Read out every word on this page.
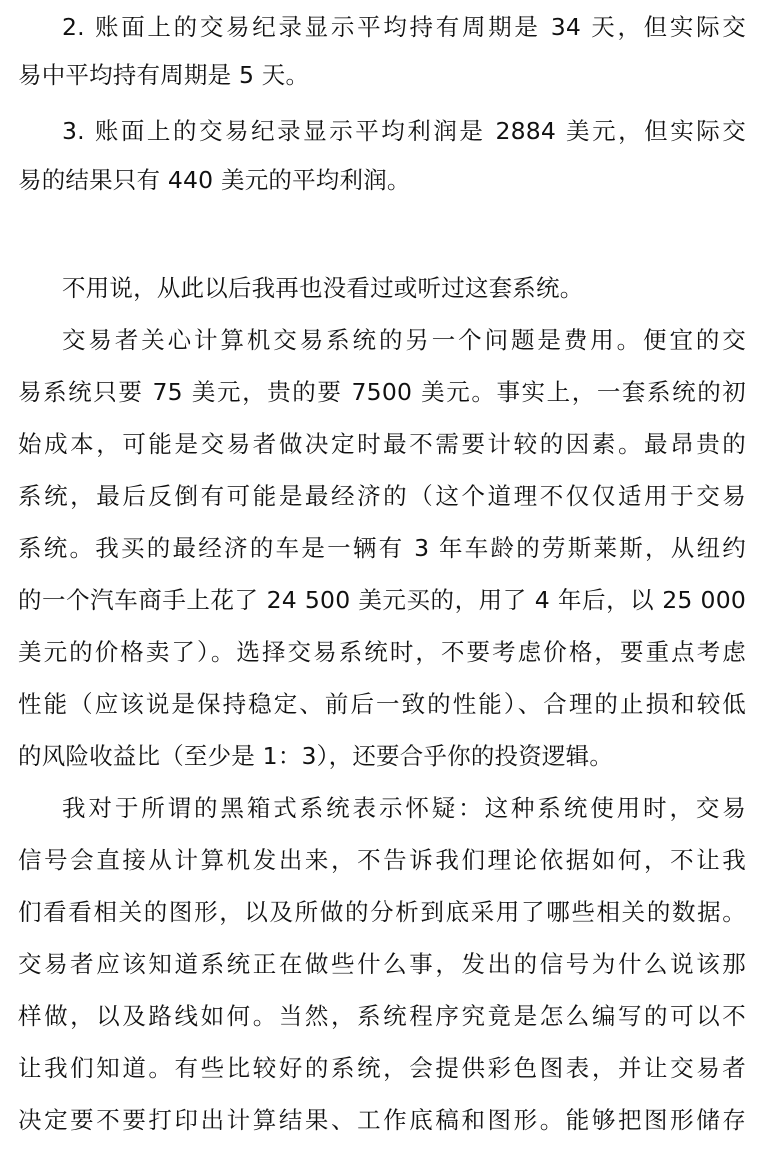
2. 账面上的交易纪录显示平均持有周期是 34 天，但实际交
易中平均持有周期是 5 天。
3. 账面上的交易纪录显示平均利润是 2884 美元，但实际交
易的结果只有 440 美元的平均利润。
不用说，从此以后我再也没看过或听过这套系统。
交易者关心计算机交易系统的另一个问题是费用。便宜的交
易系统只要 75 美元，贵的要 7500 美元。事实上，一套系统的初
始成本，可能是交易者做决定时最不需要计较的因素。最昂贵的
系统，最后反倒有可能是最经济的（这个道理不仅仅适用于交易
系统。我买的最经济的车是一辆有 3 年车龄的劳斯莱斯，从纽约
的一个汽车商手上花了 24 500 美元买的，用了 4 年后，以 25 000
美元的价格卖了）。选择交易系统时，不要考虑价格，要重点考虑
性能（应该说是保持稳定、前后一致的性能）、合理的止损和较低
的风险收益比（至少是 1：3），还要合乎你的投资逻辑。
我对于所谓的黑箱式系统表示怀疑：这种系统使用时，交易
信号会直接从计算机发出来，不告诉我们理论依据如何，不让我
们看看相关的图形，以及所做的分析到底采用了哪些相关的数据。
交易者应该知道系统正在做些什么事，发出的信号为什么说该那
样做，以及路线如何。当然，系统程序究竟是怎么编写的可以不
让我们知道。有些比较好的系统，会提供彩色图表，并让交易者
决定要不要打印出计算结果、工作底稿和图形。能够把图形储存
